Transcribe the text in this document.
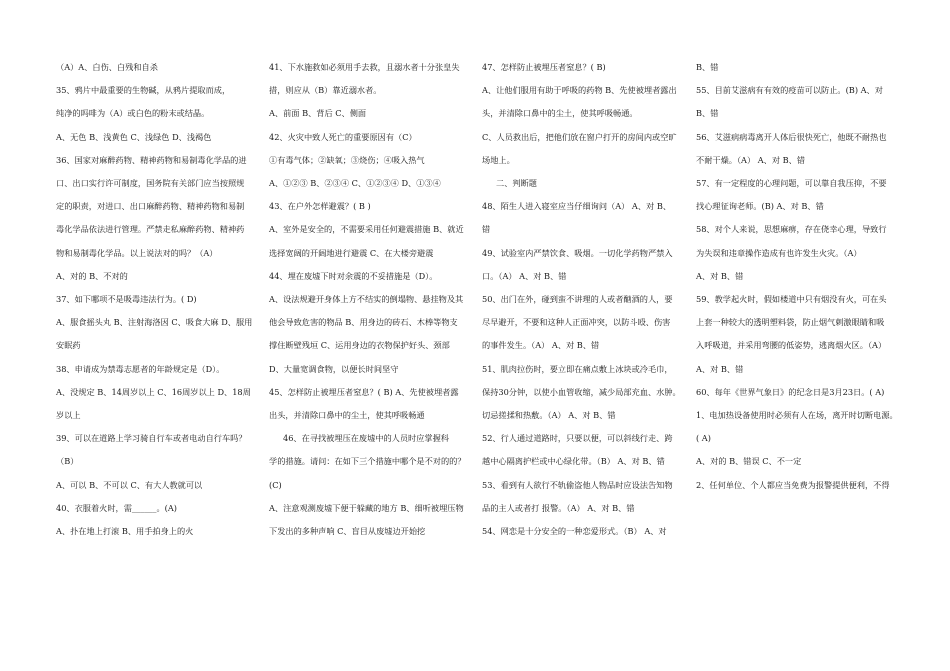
（A）A、白伤、白残和自杀

35、鸦片中最重要的生物碱，从鸦片提取而成，

纯净的吗啡为（A）或白色的粉末或结晶。

A、无色 B、浅黄色 C、浅绿色 D、浅褐色

36、国家对麻醉药物、精神药物和易制毒化学品的进

口、出口实行许可制度，国务院有关部门应当按照规

定的职责，对进口、出口麻醉药物、精神药物和易制

毒化学品依法进行管理。严禁走私麻醉药物、精神药

物和易制毒化学品。以上说法对的吗？（A）

A、对的 B、不对的

37、如下哪项不是吸毒违法行为。( D)

A、服食摇头丸 B、注射海洛因 C、吸食大麻 D、服用

安眠药

38、申请成为禁毒志愿者的年龄规定是（D）。

A、没规定 B、14周岁以上 C、16周岁以上 D、18周

岁以上

39、可以在道路上学习骑自行车或者电动自行车吗？

（B）

A、可以 B、不可以 C、有大人教就可以

40、衣服着火时，需______。(A)

A、扑在地上打滚 B、用手拍身上的火

41、下水施救如必须用手去救，且溺水者十分张皇失

措，则应从（B）靠近溺水者。

A、前面 B、背后 C、侧面

42、火灾中致人死亡的重要原因有（C）

①有毒气体；②缺氧；③烧伤；④吸入热气

A、①②③ B、②③④ C、①②③④ D、①③④

43、在户外怎样避震？( B )

A、室外是安全的，不需要采用任何避震措施 B、就近

选择宽阔的开阔地进行避震 C、在大楼旁避震

44、埋在废墟下时对余震的不妥措施是（D）。

A、设法规避开身体上方不结实的倒塌物、悬挂物及其

他会导致危害的物品 B、用身边的砖石、木棒等物支

撑住断壁残垣 C、运用身边的衣物保护好头、颈部

D、大量宽调食物，以便长时间坚守

45、怎样防止被埋压者窒息？( B) A、先使被埋者露

出头，并清除口鼻中的尘土，使其呼吸畅通

46、在寻找被埋压在废墟中的人员时应掌握科

学的措施。请问：在如下三个措施中哪个是不对的的？

(C)

A、注意观测废墟下便于躲藏的地方 B、细听被埋压物

下发出的多种声响 C、盲目从废墟边开始挖

47、怎样防止被埋压者窒息？( B)

A、让他们服用有助于呼吸的药物 B、先使被埋者露出

头，并清除口鼻中的尘土，使其呼吸畅通。

C、人员救出后，把他们放在窗户打开的房间内或空旷

场地上。

二、判断题

48、陌生人进入寝室应当仔细询问（A） A、对 B、

错

49、试验室内严禁饮食、吸烟。一切化学药物严禁入

口。（A） A、对 B、错

50、出门在外，碰到蛮不讲理的人或者酗酒的人，要

尽早避开，不要和这种人正面冲突，以防斗殴、伤害

的事件发生。（A） A、对 B、错

51、肌肉拉伤时，要立即在痛点敷上冰块或冷毛巾，

保持30分钟，以使小血管收缩，减少局部充血、水肿。

切忌搓揉和热敷。（A） A、对 B、错

52、行人通过道路时，只要以便，可以斜线行走、跨

越中心隔离护栏或中心绿化带。（B） A、对 B、错

53、看到有人欲行不轨偷盗他人物品时应设法告知物

品的主人或者打 报警。（A） A、对 B、错

54、网恋是十分安全的一种恋爱形式。（B） A、对

B、错

55、目前艾滋病有有效的疫苗可以防止。(B) A、对

B、错

56、艾滋病病毒离开人体后很快死亡，他既不耐热也

不耐干燥。（A） A、对 B、错

57、有一定程度的心理问题，可以靠自我压抑，不要

找心理征询老师。(B) A、对 B、错

58、对个人来说，思想麻痹，存在侥幸心理，导致行

为失误和违章操作造成有也许发生火灾。（A）

A、对 B、错

59、教学起火时，假如楼道中只有烟没有火，可在头

上套一种较大的透明塑料袋，防止烟气刺激眼睛和吸

入呼吸道，并采用弯腰的低姿势，逃离烟火区。（A）

A、对 B、错

60、每年《世界气象日》的纪念日是3月23日。( A)

1、电加热设备使用时必须有人在场，离开时切断电源。

( A)

A、对的 B、错误 C、不一定

2、任何单位、个人都应当免费为报警提供便利，不得
